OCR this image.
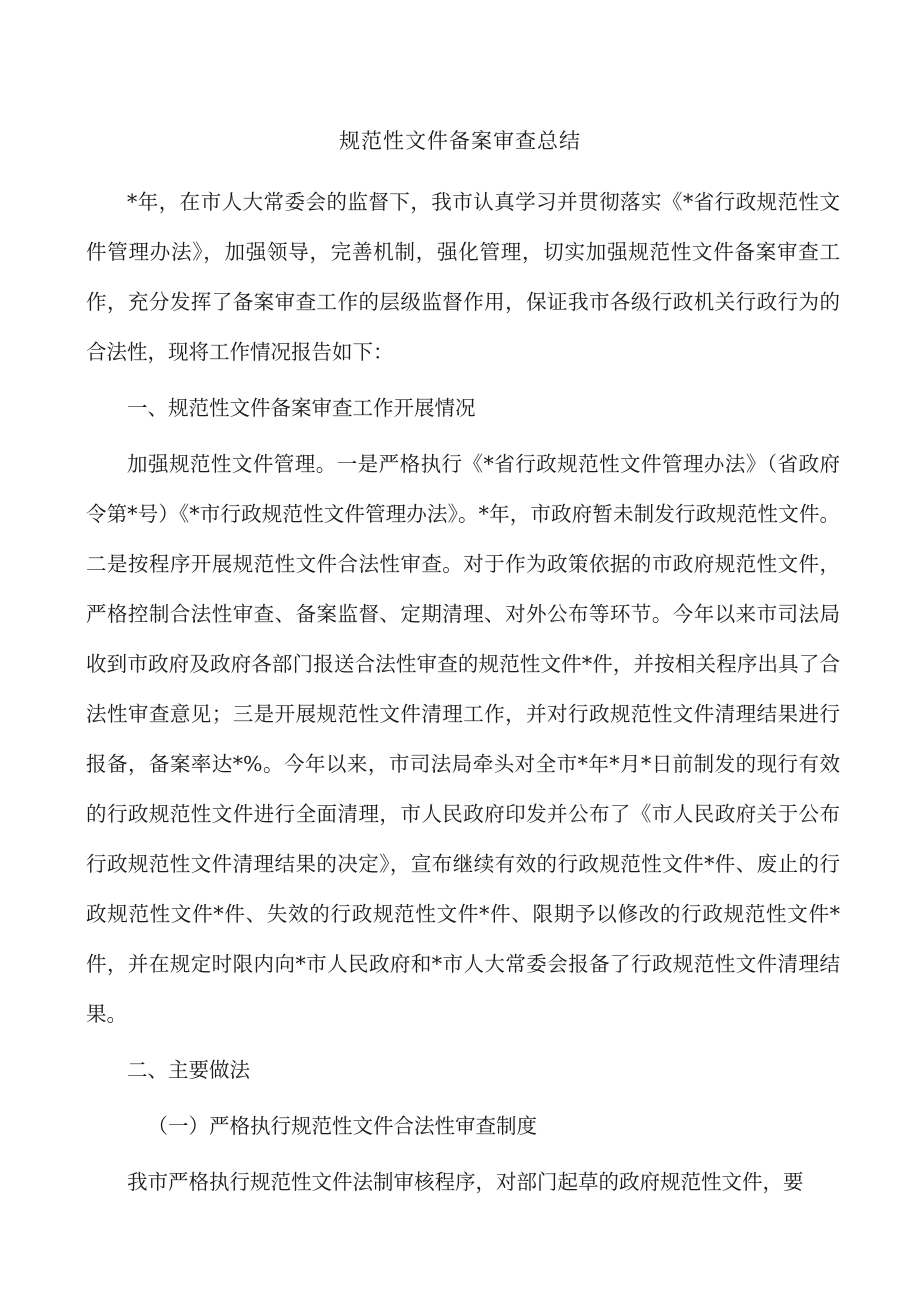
规范性文件备案审查总结

*年，在市人大常委会的监督下，我市认真学习并贯彻落实《*省行政规范性文件管理办法》，加强领导，完善机制，强化管理，切实加强规范性文件备案审查工作，充分发挥了备案审查工作的层级监督作用，保证我市各级行政机关行政行为的合法性，现将工作情况报告如下：

一、规范性文件备案审查工作开展情况

加强规范性文件管理。一是严格执行《*省行政规范性文件管理办法》（省政府令第*号）《*市行政规范性文件管理办法》。*年，市政府暂未制发行政规范性文件。二是按程序开展规范性文件合法性审查。对于作为政策依据的市政府规范性文件，严格控制合法性审查、备案监督、定期清理、对外公布等环节。今年以来市司法局收到市政府及政府各部门报送合法性审查的规范性文件*件，并按相关程序出具了合法性审查意见；三是开展规范性文件清理工作，并对行政规范性文件清理结果进行报备，备案率达*%。今年以来，市司法局牵头对全市*年*月*日前制发的现行有效的行政规范性文件进行全面清理，市人民政府印发并公布了《市人民政府关于公布行政规范性文件清理结果的决定》，宣布继续有效的行政规范性文件*件、废止的行政规范性文件*件、失效的行政规范性文件*件、限期予以修改的行政规范性文件*件，并在规定时限内向*市人民政府和*市人大常委会报备了行政规范性文件清理结果。

二、主要做法

（一）严格执行规范性文件合法性审查制度

我市严格执行规范性文件法制审核程序，对部门起草的政府规范性文件，要
